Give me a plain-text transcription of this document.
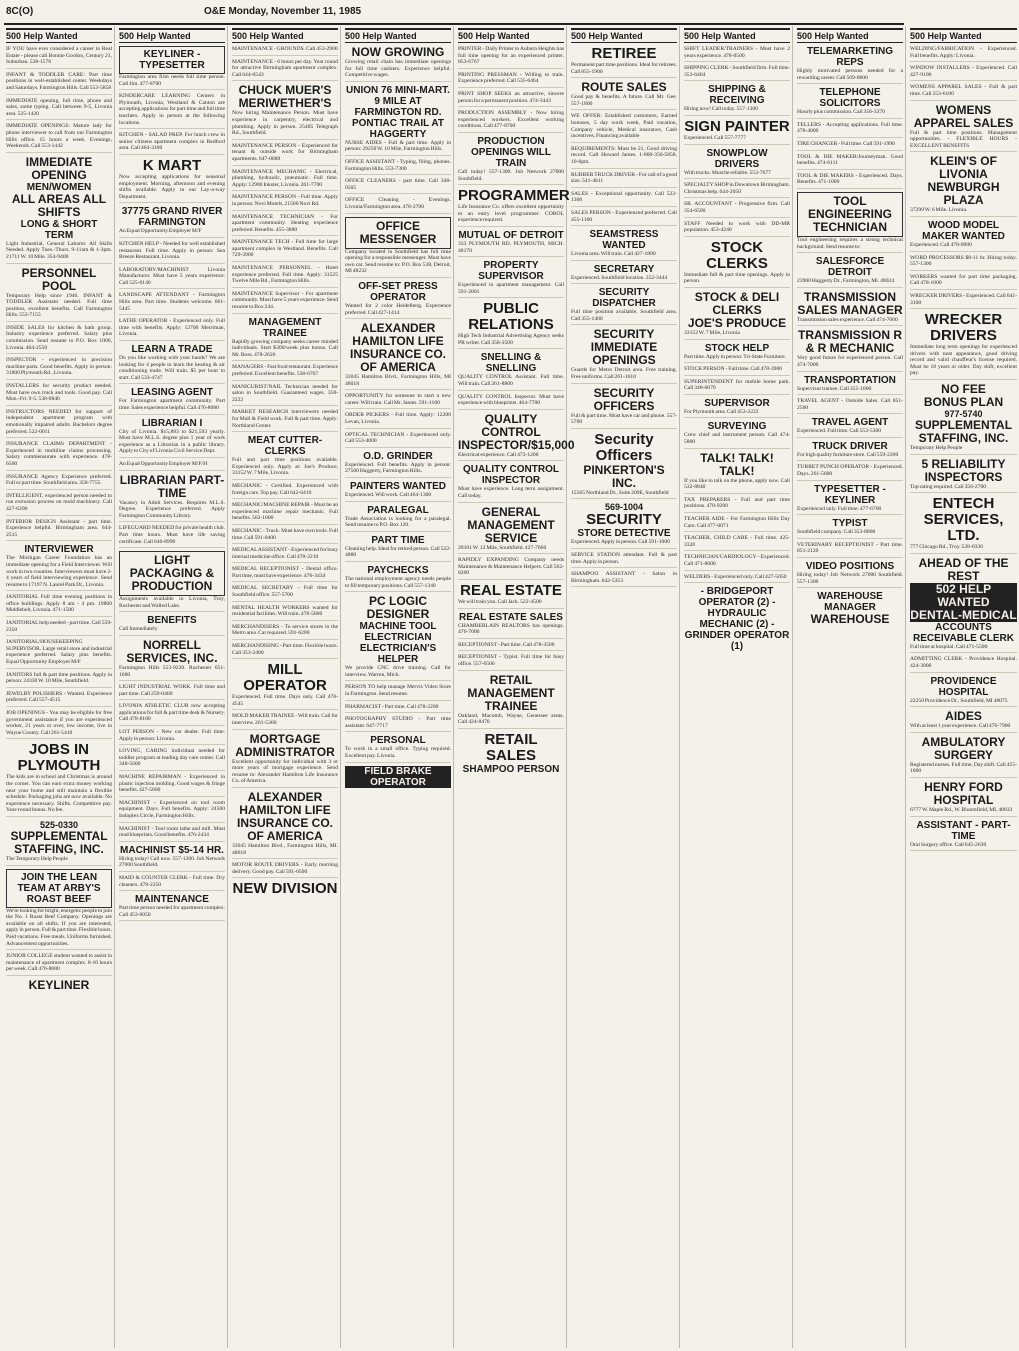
8C(O)	O&E Monday, November 11, 1985
500 Help Wanted
IF YOU have ever considered a career in Real Estate - please call Bonnie Gordon, Century 21, Suburban. 538-1576
INFANT & TODDLER CARE: Part time positions in well-established center. Weekdays and Saturdays. Farmington Hills. Call 553-5858
IMMEDIATE opening, full time, phone and sales, some typing. Call between 9-5, Livonia area. 525-1420
IMMEDIATE OPENINGS: Mature lady for phone interviewer to call from our Farmington Hills office. 15 hours a week. Evenings, Weekends. Call 553-1442
IMMEDIATE OPENING
MEN/WOMEN
ALL AREAS ALL SHIFTS
LONG & SHORT TERM
Light Industrial, General Laborer. All Skills Needed. Apply Tues.-Thurs. 9-11am & 1-3pm. 21711 W. 10 Mile. 354-9400
PERSONNEL POOL
Temporary Help since 1946. INFANT & TODDLER Assistant needed. Full time position, excellent benefits. Call Farmington Hills. 553-7155
INSIDE SALES for kitchen & bath group. Industry experience preferred. Salary plus commission. Send resume to P.O. Box 1006, Livonia. 464-2550
INSPECTOR - experienced in precision machine parts. Good benefits. Apply in person: 31800 Plymouth Rd., Livonia.
INSTALLERS for security product needed. Must have own truck and tools. Good pay. Call Mon.-Fri. 9-5. 538-0840
INSTRUCTORS NEEDED for support of independent apartment program with emotionally impaired adults. Bachelors degree preferred. 522-0011
INSURANCE CLAIMS DEPARTMENT - Experienced in multiline claims processing. Salary commensurate with experience. 478-6500
INSURANCE Agency Experience preferred. Full or part time. Southfield area. 358-7755
INTELLIGENT, experienced person needed to run extrusion process on mold machinery. Call 427-6200
INTERIOR DESIGN Assistant - part time. Experience helpful. Birmingham area. 644-2515
INTERVIEWER
The Michigan Career Foundation has an immediate opening for a Field Interviewer. Will work in two counties. Interviewers must have 2-4 years of field interviewing experience. Send resume to 17197 N. Laurel Park Dr., Livonia.
JANITORIAL Full time evening positions in office buildings. Apply 8 am - 4 pm. 19800 Middlebelt, Livonia. 471-1500
JANITORIAL help needed - part time. Call 559-2350
JANITORIAL/HOUSEKEEPING SUPERVISOR. Large retail store and industrial experience preferred. Salary plus benefits. Equal Opportunity Employer M/F
JANITORS full & part time positions. Apply in person: 24330 W. 10 Mile, Southfield.
JEWELRY POLISHERS - Wanted. Experience preferred. Call 557-4515
JOB OPENINGS - You may be eligible for free government assistance if you are experienced worker, 21 years or over, low income, live in Wayne County. Call 261-5410
JOBS IN PLYMOUTH
The kids are in school and Christmas is around the corner. You can earn extra money working near your home and still maintain a flexible schedule. Packaging jobs are now available. No experience necessary. Shifts. Competitive pay. Year-round bonus. No fee.
525-0330
SUPPLEMENTAL STAFFING, INC.
The Temporary Help People
JOIN THE LEAN TEAM AT ARBY'S ROAST BEEF
We're looking for bright, energetic people to join the No. 1 Roast Beef Company. Openings are available on all shifts. If you are interested, apply in person. Full & part time. Flexible hours. Paid vacations. Free meals. Uniforms furnished. Advancement opportunities.
JUNIOR COLLEGE student wanted to assist in maintenance of apartment complex. 8-10 hours per week. Call 476-8080
KEYLINER
500 Help Wanted
KEYLINER - TYPESETTER
Farmington area firm needs full time person. Call Jim. 477-8700
KINDERCARE LEARNING Centers in Plymouth, Livonia, Westland & Canton are accepting applications for part time and full time teachers. Apply in person at the following locations.
KITCHEN - SALAD PREP. For lunch crew in senior citizens apartment complex in Redford area. Call 464-3100
K MART
Now accepting applications for seasonal employment. Morning, afternoon and evening shifts available. Apply in our Lay-a-way Department.
37775 GRAND RIVER FARMINGTON
An Equal Opportunity Employer M/F
KITCHEN HELP - Needed for well established restaurant. Full time. Apply in person: Sea Breeze Restaurant, Livonia.
LABORATORY/MACHINIST Livonia Manufacturer. Must have 5 years experience. Call 525-0140
LANDSCAPE ATTENDANT - Farmington Hills area. Part time. Students welcome. 661-5445
LATHE OPERATOR - Experienced only. Full time with benefits. Apply: 12700 Merriman, Livonia.
LEARN A TRADE
Do you like working with your hands? We are looking for 4 people to learn the heating & air conditioning trade. Will train. $5 per hour to start. Call 533-4747
LEASING AGENT
For Farmington apartment community. Part time. Sales experience helpful. Call 476-8080
LIBRARIAN I
City of Livonia. $15,883 to $21,593 yearly. Must have M.L.S. degree plus 1 year of work experience as a Librarian in a public library. Apply to City of Livonia Civil Service Dept.
An Equal Opportunity Employer M/F/H
LIBRARIAN PART-TIME
Vacancy in Adult Services. Requires M.L.S. Degree. Experience preferred. Apply Farmington Community Library.
LIFEGUARD NEEDED for private health club. Part time hours. Must have life saving certificate. Call 646-8990
LIGHT PACKAGING & PRODUCTION
Assignments available in Livonia, Troy, Rochester and Walled Lake.
BENEFITS
Call Immediately
NORRELL SERVICES, INC.
Farmington Hills 553-9220. Rochester 651-1600
LIGHT INDUSTRIAL WORK. Full time and part time. Call 259-0400
LIVONIA ATHLETIC CLUB now accepting applications for full & part time desk & Nursery. Call 478-8100
LOT PERSON - New car dealer. Full time. Apply in person: Livonia.
LOVING, CARING individual needed for toddler program at leading day care center. Call 348-5600
MACHINE REPAIRMAN - Experienced in plastic injection molding. Good wages & fringe benefits. 427-5600
MACHINIST - Experienced on tool room equipment. Days. Full benefits. Apply: 24500 Indoplex Circle, Farmington Hills.
MACHINIST - Tool room lathe and mill. Must read blueprints. Good benefits. 476-2434
MACHINIST $5-14 HR.
Hiring today! Call now. 557-1300. Job Network 27000 Southfield.
MAID & COUNTER CLERK - Full time. Dry cleaners. 478-2350
MAINTENANCE
Part time person needed for apartment complex. Call 453-6050
500 Help Wanted
MAINTENANCE - GROUNDS. Call 453-2900
MAINTENANCE - 6 hours per day. Year round for attractive Birmingham apartment complex. Call 644-6543
CHUCK MUER'S MERIWETHER'S
Now hiring Maintenance Person. Must have experience in carpentry, electrical and plumbing. Apply in person. 25485 Telegraph Rd., Southfield.
MAINTENANCE PERSON - Experienced for tenant & outside work for Birmingham apartments. 647-0688
MAINTENANCE MECHANIC - Electrical, plumbing, hydraulic, pneumatic. Full time. Apply: 12900 Inkster, Livonia. 261-7700
MAINTENANCE PERSON - Full time. Apply in person: Novi Motels, 21500 Novi Rd.
MAINTENANCE TECHNICIAN - For apartment community. Heating experience preferred. Benefits. 455-3880
MAINTENANCE TECH - Full time for large apartment complex in Westland. Benefits. Call 729-3900
MAINTENANCE PERSONNEL - Hotel experience preferred. Full time. Apply: 31525 Twelve Mile Rd., Farmington Hills.
MAINTENANCE Supervisor - For apartment community. Must have 5 years experience. Send resume to Box 244.
MANAGEMENT TRAINEE
Rapidly growing company seeks career minded individuals. Start $300/week plus bonus. Call Mr. Ross. 478-2626
MANAGERS - Fast food restaurant. Experience preferred. Excellent benefits. 538-6767
MANICURIST/NAIL Technician needed for salon in Southfield. Guaranteed wages. 358-2222
MARKET RESEARCH interviewers needed for Mall & Field work. Full & part time. Apply: Northland Center.
MEAT CUTTER-CLERKS
Full and part time positions available. Experienced only. Apply at: Joe's Produce, 33152 W. 7 Mile, Livonia.
MECHANIC - Certified. Experienced with foreign cars. Top pay. Call 642-6410
MECHANIC/MACHINE REPAIR - Must be an experienced machine repair mechanic. Full benefits. 562-1000
MECHANIC - Truck. Must have own tools. Full time. Call 591-0400
MEDICAL ASSISTANT - Experienced for busy internal medicine office. Call 478-2210
MEDICAL RECEPTIONIST - Dental office. Part time, must have experience. 476-3434
MEDICAL SECRETARY - Full time for Southfield office. 557-5700
MENTAL HEALTH WORKERS wanted for residential facilities. Will train. 478-5600
MERCHANDISERS - To service stores in the Metro area. Car required. 591-6200
MERCHANDISING - Part time. Flexible hours. Call 353-2400
MILL OPERATOR
Experienced. Full time. Days only. Call 476-4545
MOLD MAKER TRAINEE - Will train. Call for interview. 261-5300
MORTGAGE ADMINISTRATOR
Excellent opportunity for individual with 3 or more years of mortgage experience. Send resume to: Alexander Hamilton Life Insurance Co. of America.
ALEXANDER HAMILTON LIFE INSURANCE CO. OF AMERICA
33045 Hamilton Blvd., Farmington Hills, MI. 48018
MOTOR ROUTE DRIVERS - Early morning delivery. Good pay. Call 591-0500
NEW DIVISION
500 Help Wanted
NOW GROWING
Growing retail chain has immediate openings for full time cashiers. Experience helpful. Competitive wages.
UNION 76 MINI-MART. 9 MILE AT FARMINGTON RD.
PONTIAC TRAIL AT HAGGERTY
NURSE AIDES - Full & part time. Apply in person: 29250 W. 10 Mile, Farmington Hills.
OFFICE ASSISTANT - Typing, filing, phones. Farmington Hills. 553-7300
OFFICE CLEANERS - part time. Call 348-0505
OFFICE Cleaning - Evenings. Livonia/Farmington area. 478-2700
OFFICE MESSENGER
Company located in Southfield has full time opening for a responsible messenger. Must have own car. Send resume to: P.O. Box 538, Detroit, MI 48232
OFF-SET PRESS OPERATOR
Wanted for 2 color Heidelberg. Experience preferred. Call 427-1414
ALEXANDER HAMILTON LIFE INSURANCE CO. OF AMERICA
33045 Hamilton Blvd., Farmington Hills, MI 48018
OPPORTUNITY for someone to start a new career. Will train. Call Mr. James. 591-1100
ORDER PICKERS - Full time. Apply: 12200 Levan, Livonia.
OPTICAL TECHNICIAN - Experienced only. Call 553-4000
O.D. GRINDER
Experienced. Full benefits. Apply in person: 27500 Haggerty, Farmington Hills.
PAINTERS WANTED
Experienced. Will work. Call 464-1300
PARALEGAL
Trade Association is looking for a paralegal. Send resume to P.O. Box 120.
PART TIME
Cleaning help. Ideal for retired person. Call 522-4880
PAYCHECKS
The national employment agency needs people to fill temporary positions. Call 557-1340
PC LOGIC DESIGNER
MACHINE TOOL ELECTRICIAN ELECTRICIAN'S HELPER
We provide CNC drive training. Call for interview. Warren, Mich.
PERSON TO help manage Mervis Video Store in Farmington. Send resume.
PHARMACIST - Part time. Call 478-2200
PHOTOGRAPHY STUDIO - Part time assistant. 647-7717
PERSONAL
To work in a small office. Typing required. Excellent pay. Livonia.
FIELD BRAKE OPERATOR
500 Help Wanted
PRINTER - Daily Printer to Auburn Heights has full time opening for an experienced printer. 853-6767
PRINTING PRESSMAN - Willing to train. Experience preferred. Call 535-6464
PRINT SHOP SEEKS an attractive, sincere person for a permanent position. 474-3443
PRODUCTION ASSEMBLY - Now hiring experienced workers. Excellent working conditions. Call 477-8700
PRODUCTION OPENINGS WILL TRAIN
Call today! 557-1300. Job Network 27000 Southfield.
PROGRAMMER
Life Insurance Co. offers excellent opportunity to an entry level programmer. COBOL experience required.
MUTUAL OF DETROIT
333 PLYMOUTH RD. PLYMOUTH, MICH. 48170
PROPERTY SUPERVISOR
Experienced in apartment management. Call 591-2001
PUBLIC RELATIONS
High Tech Industrial Advertising Agency seeks PR writer. Call 358-3500
SNELLING & SNELLING
QUALITY CONTROL Assistant. Full time. Will train. Call 261-8800
QUALITY CONTROL Inspector. Must have experience with blueprints. 464-7700
QUALITY CONTROL INSPECTOR/$15,000
Electrical experience. Call 473-1200
QUALITY CONTROL INSPECTOR
Must have experience. Long term assignment. Call today.
GENERAL MANAGEMENT SERVICE
20101 W. 12 Mile, Southfield. 427-7660
RAPIDLY EXPANDING Company needs Maintenance & Maintenance Helpers. Call 562-8200
REAL ESTATE
We will train you. Call Jack. 522-4500
REAL ESTATE SALES
CHAMBERLAIN REALTORS has openings. 476-7000
RECEPTIONIST - Part time. Call 478-3500
RECEPTIONIST - Typist. Full time for busy office. 557-6500
RETAIL MANAGEMENT TRAINEE
Oakland, Macomb, Wayne, Genessee areas. Call 424-8470
RETAIL SALES
SHAMPOO PERSON
500 Help Wanted
RETIREE
Permanent part time positions. Ideal for retirees. Call 855-1900
ROUTE SALES
Good pay & benefits. A future. Call Mr. Gee. 557-1800
WE OFFER: Established customers, Earned bonuses, 5 day work week, Paid vacation, Company vehicle, Medical insurance, Cash incentives, Financing available
REQUIREMENTS: Must be 21, Good driving record. Call Howard James. 1-800-356-5858, 10-6pm.
RUBBER TRUCK DRIVER - For call of a good size. 541-4811
SALES - Exceptional opportunity. Call 522-1300
SALES PERSON - Experienced preferred. Call 455-1100
SEAMSTRESS WANTED
Livonia area. Will train. Call 427-1800
SECRETARY
Experienced. Southfield location. 352-3444
SECURITY DISPATCHER
Full time position available. Southfield area. Call 355-1400
SECURITY IMMEDIATE OPENINGS
Guards for Metro Detroit area. Free training. Free uniforms. Call 261-1610
SECURITY OFFICERS
Full & part time. Must have car and phone. 557-5700
Security Officers
PINKERTON'S INC.
15565 Northland Dr., Suite 209E, Southfield
569-1004
SECURITY
STORE DETECTIVE
Experienced. Apply in person. Call 591-1000
SERVICE STATION attendant. Full & part time. Apply in person.
SHAMPOO ASSISTANT - Salon in Birmingham. 642-5353
500 Help Wanted
SHIFT LEADER/TRAINERS - Must have 2 years experience. 478-0500
SHIPPING CLERK - Southfield firm. Full time. 353-6464
SHIPPING & RECEIVING
Hiring now! Call today. 557-1300
SIGN PAINTER
Experienced. Call 557-7777
SNOWPLOW DRIVERS
With trucks. Must be reliable. 553-7677
SPECIALTY SHOP in Downtown Birmingham. Christmas help. 644-2050
SR. ACCOUNTANT - Progressive firm. Call 354-6500
STAFF Needed to work with DD-MR population. 453-4240
STOCK CLERKS
Immediate full & part time openings. Apply in person.
STOCK & DELI CLERKS
JOE'S PRODUCE
33152 W. 7 Mile, Livonia
STOCK HELP
Part time. Apply in person: Tri-State Furniture.
STOCK PERSON - Full time. Call 478-3900
SUPERINTENDENT for mobile home park. Call 348-6070
SUPERVISOR
For Plymouth area. Call 453-2222
SURVEYING
Crew chief and instrument person. Call 474-5800
TALK! TALK! TALK!
If you like to talk on the phone, apply now. Call 532-8840
TAX PREPARERS - Full and part time positions. 478-9200
TEACHER AIDE - For Farmington Hills Day Care. Call 477-0071
TEACHER, CHILD CARE - Full time. 425-3320
TECHNICIAN/CARDIOLOGY - Experienced. Call 471-8000
WELDERS - Experienced only. Call 427-5050
- BRIDGEPORT OPERATOR (2) - HYDRAULIC MECHANIC (2) - GRINDER OPERATOR (1)
500 Help Wanted
TELEMARKETING REPS
Highly motivated persons needed for a rewarding career. Call 569-0600
TELEPHONE SOLICITORS
Hourly plus commission. Call 356-3370
TELLERS - Accepting applications. Full time. 478-4000
TIRE CHANGER - Full time. Call 591-1990
TOOL & DIE MAKER/Journeyman. Good benefits. 474-6111
TOOL & DIE MAKERS - Experienced. Days. Benefits. 471-1000
TOOL ENGINEERING TECHNICIAN
Tool engineering requires a strong technical background. Send resume to:
SALESFORCE DETROIT
23900 Haggerty Dr., Farmington, Mi. 48024
TRANSMISSION SALES MANAGER
Transmission sales experience. Call 474-7000
TRANSMISSION R & R MECHANIC
Very good future for experienced person. Call 474-7000
TRANSPORTATION
Supervisor trainee. Call 355-1000
TRAVEL AGENT - Outside Sales. Call 851-2500
TRAVEL AGENT
Experienced. Full time. Call 553-5300
TRUCK DRIVER
For high quality furniture store. Call 559-2200
TURRET PUNCH OPERATOR - Experienced. Days. 261-5600
TYPESETTER - KEYLINER
Experienced only. Full time. 477-6700
TYPIST
Southfield company. Call 353-8800
VETERINARY RECEPTIONIST - Part time. 851-2120
VIDEO POSITIONS
Hiring today! Job Network 27000 Southfield. 557-1300
WAREHOUSE MANAGER
WAREHOUSE
500 Help Wanted
WELDING/FABRICATION - Experienced. Full benefits. Apply: Livonia.
WINDOW INSTALLERS - Experienced. Call 427-9100
WOMENS APPAREL SALES - Full & part time. Call 553-6100
WOMENS APPAREL SALES
Full & part time positions. Management opportunities. - FLEXIBLE HOURS - EXCELLENT BENEFITS
KLEIN'S OF LIVONIA NEWBURGH PLAZA
37290 W. 6 Mile. Livonia.
WOOD MODEL MAKER WANTED
Experienced. Call 478-0900
WORD PROCESSORS $8-11 hr. Hiring today. 557-1300
WORKERS wanted for part time packaging. Call 478-1000
WRECKER DRIVERS - Experienced. Call 641-3100
WRECKER DRIVERS
Immediate long term openings for experienced drivers with neat appearance, good driving record and valid chauffeur's license required. Must be 18 years or older. Day shift, excellent pay.
NO FEE
BONUS PLAN
977-5740
SUPPLEMENTAL STAFFING, INC.
Temporary Help People
5 RELIABILITY INSPECTORS
Top rating required. Call 356-2700
ENTECH SERVICES, LTD.
777 Chicago Rd., Troy. 528-0330
AHEAD OF THE REST
502 HELP WANTED DENTAL-MEDICAL
ACCOUNTS RECEIVABLE CLERK
Full time at hospital. Call 471-5500
ADMITTING CLERK - Providence Hospital. 424-3000
PROVIDENCE HOSPITAL
22250 Providence Dr., Southfield, MI 48075
AIDES
With at least 1 year experience. Call 476-7900
AMBULATORY SURGERY
Registered nurses. Full time, Day shift. Call 455-1000
HENRY FORD HOSPITAL
6777 W. Maple Rd., W. Bloomfield, MI. 48033
ASSISTANT - PART-TIME
Oral Surgery office. Call 645-2630
